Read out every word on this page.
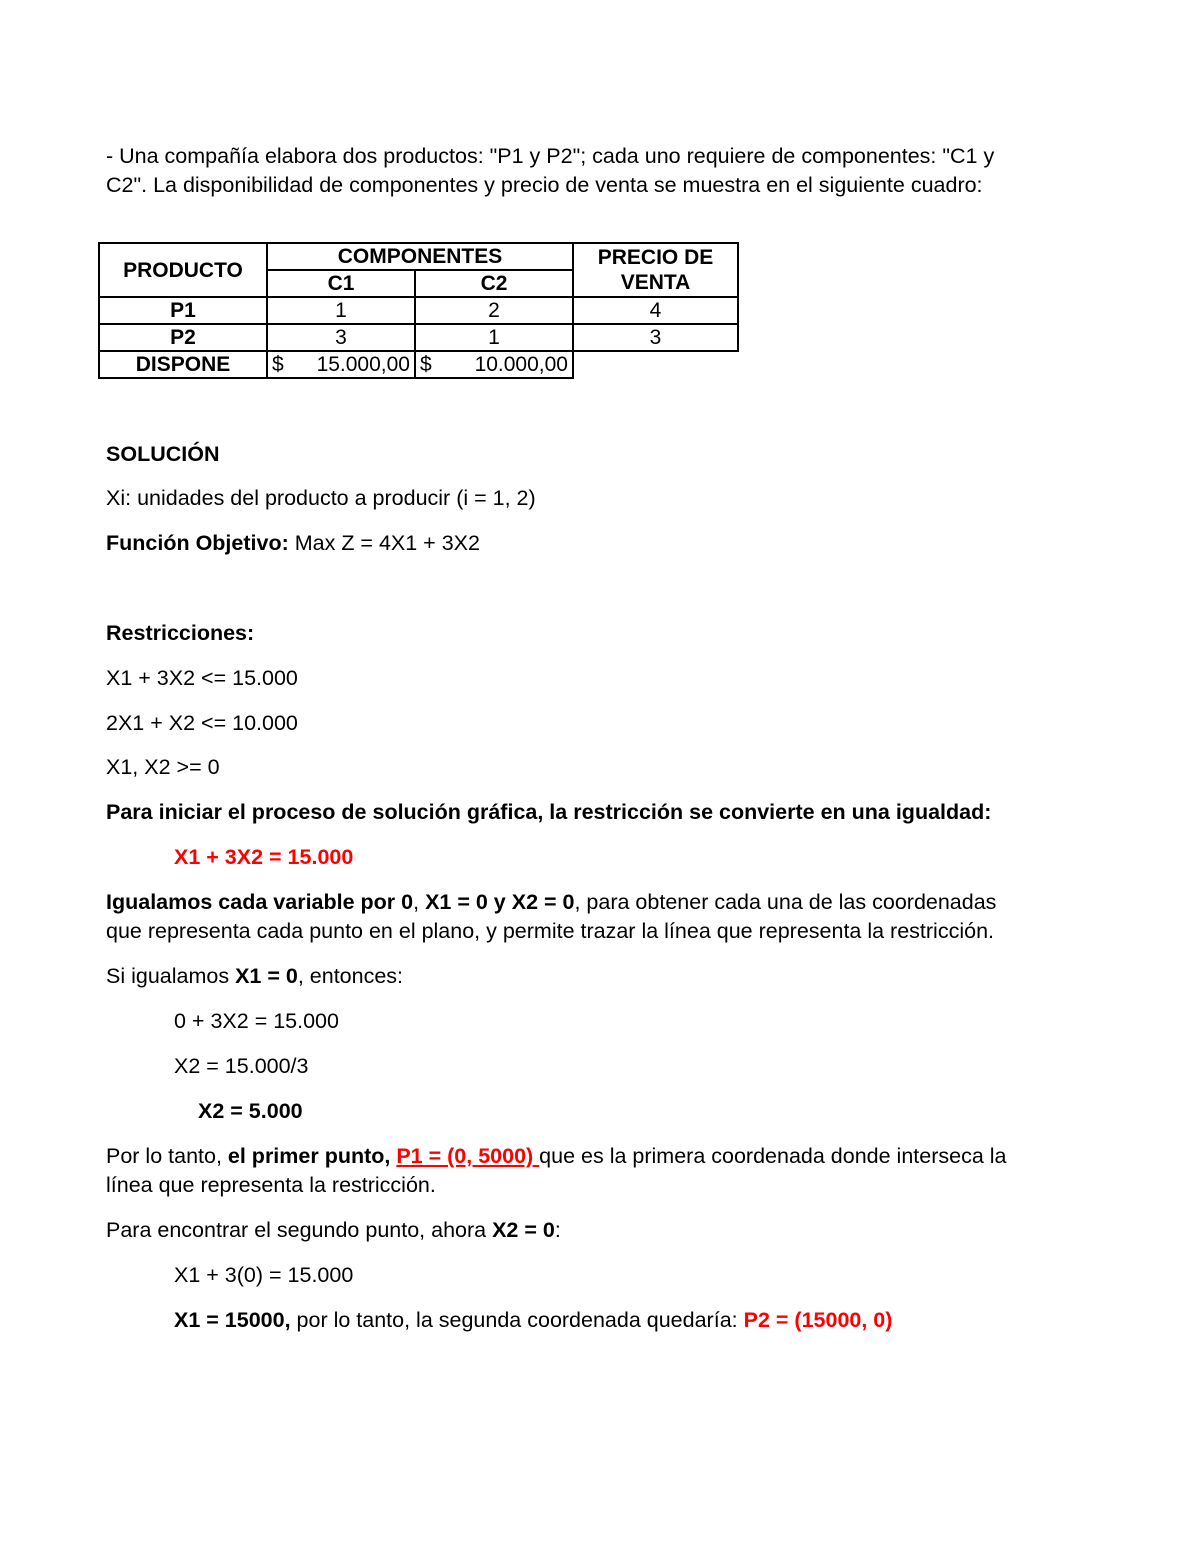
- Una compañía elabora dos productos: "P1 y P2"; cada uno requiere de componentes: "C1 y
C2". La disponibilidad de componentes y precio de venta se muestra en el siguiente cuadro:
PRODUCTO	COMPONENTES		PRECIO DE
VENTA

	C1	C2	
P1	1	2	4
P2	3	1	3
DISPONE	$ 15.000,00	$ 10.000,00	

SOLUCIÓN
Xi: unidades del producto a producir (i = 1, 2)
Función Objetivo: Max Z = 4X1 + 3X2
Restricciones:
X1 + 3X2 <= 15.000
2X1 + X2 <= 10.000
X1, X2 >= 0
Para iniciar el proceso de solución gráfica, la restricción se convierte en una igualdad:
X1 + 3X2 = 15.000
Igualamos cada variable por 0, X1 = 0 y X2 = 0, para obtener cada una de las coordenadas
que representa cada punto en el plano, y permite trazar la línea que representa la restricción.
Si igualamos X1 = 0, entonces:
0 + 3X2 = 15.000
X2 = 15.000/3
X2 = 5.000
Por lo tanto, el primer punto, P1 = (0, 5000) que es la primera coordenada donde interseca la
línea que representa la restricción.
Para encontrar el segundo punto, ahora X2 = 0:
X1 + 3(0) = 15.000
X1 = 15000, por lo tanto, la segunda coordenada quedaría: P2 = (15000, 0)
